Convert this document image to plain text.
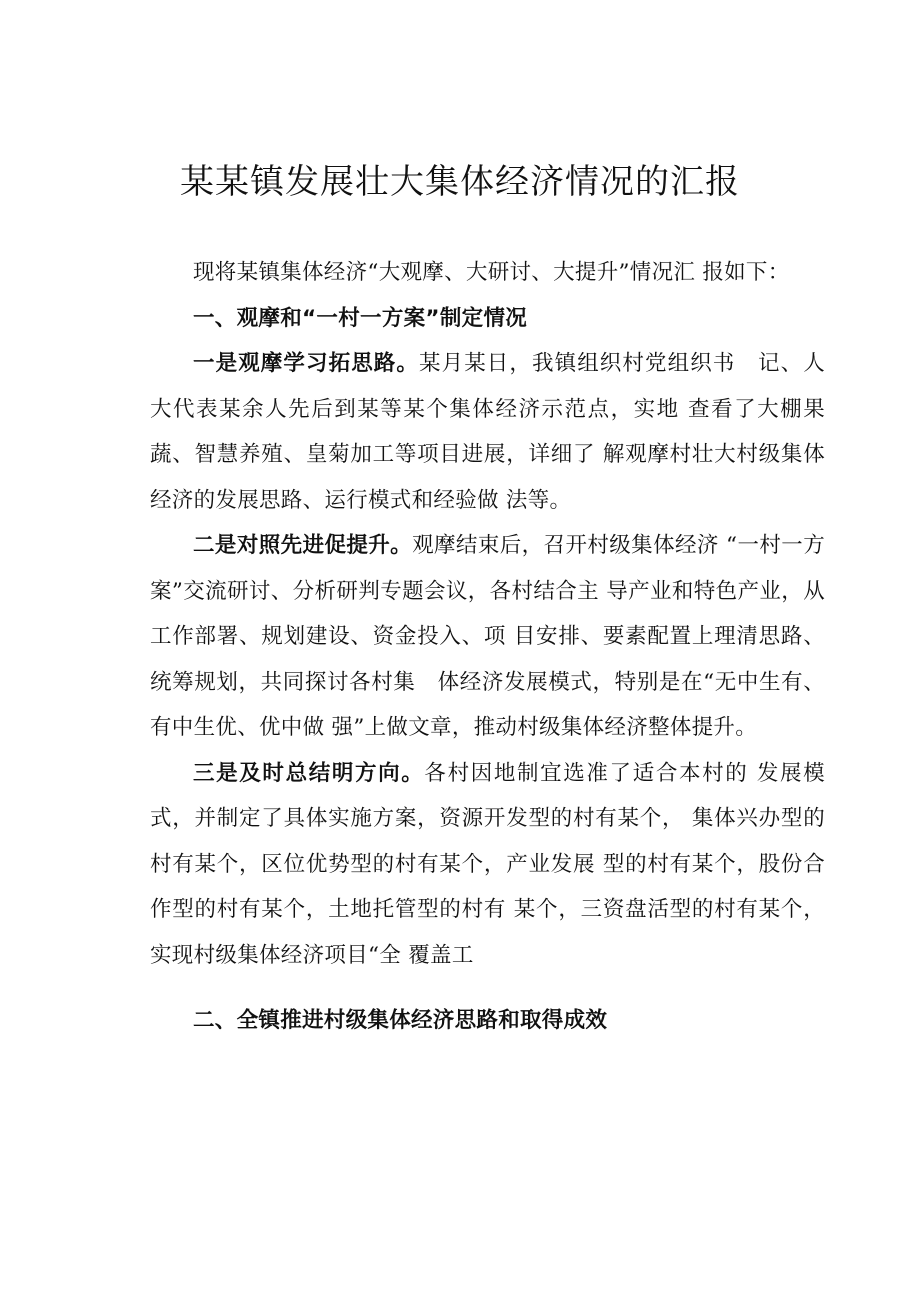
某某镇发展壮大集体经济情况的汇报

现将某镇集体经济“大观摩、大研讨、大提升”情况汇 报如下：

一、观摩和“一村一方案”制定情况

一是观摩学习拓思路。某月某日，我镇组织村党组织书　记、人大代表某余人先后到某等某个集体经济示范点，实地 查看了大棚果蔬、智慧养殖、皇菊加工等项目进展，详细了 解观摩村壮大村级集体经济的发展思路、运行模式和经验做 法等。

二是对照先进促提升。观摩结束后，召开村级集体经济 “一村一方案”交流研讨、分析研判专题会议，各村结合主 导产业和特色产业，从工作部署、规划建设、资金投入、项 目安排、要素配置上理清思路、统筹规划，共同探讨各村集　体经济发展模式，特别是在“无中生有、有中生优、优中做 强”上做文章，推动村级集体经济整体提升。

三是及时总结明方向。各村因地制宜选准了适合本村的 发展模式，并制定了具体实施方案，资源开发型的村有某个， 集体兴办型的村有某个，区位优势型的村有某个，产业发展 型的村有某个，股份合作型的村有某个，土地托管型的村有 某个，三资盘活型的村有某个，实现村级集体经济项目“全 覆盖工

二、全镇推进村级集体经济思路和取得成效
